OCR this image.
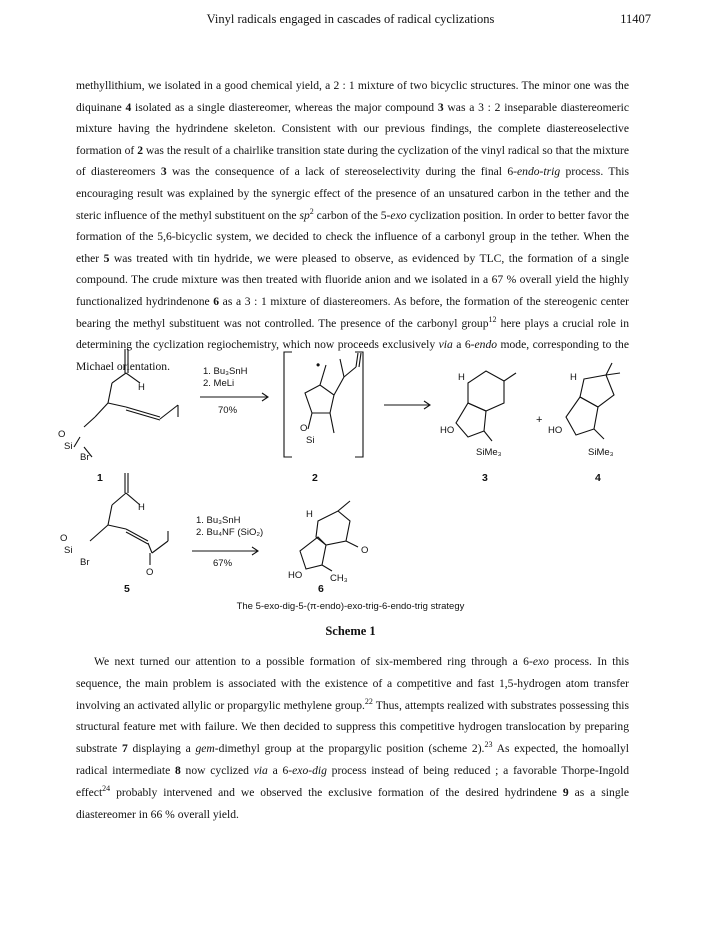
Vinyl radicals engaged in cascades of radical cyclizations	11407

methyllithium, we isolated in a good chemical yield, a 2 : 1 mixture of two bicyclic structures. The minor one was the diquinane 4 isolated as a single diastereomer, whereas the major compound 3 was a 3 : 2 inseparable diastereomeric mixture having the hydrindene skeleton. Consistent with our previous findings, the complete diastereoselective formation of 2 was the result of a chairlike transition state during the cyclization of the vinyl radical so that the mixture of diastereomers 3 was the consequence of a lack of stereoselectivity during the final 6-endo-trig process. This encouraging result was explained by the synergic effect of the presence of an unsatured carbon in the tether and the steric influence of the methyl substituent on the $sp^2$ carbon of the 5-exo cyclization position. In order to better favor the formation of the 5,6-bicyclic system, we decided to check the influence of a carbonyl group in the tether. When the ether 5 was treated with tin hydride, we were pleased to observe, as evidenced by TLC, the formation of a single compound. The crude mixture was then treated with fluoride anion and we isolated in a 67 % overall yield the highly functionalized hydrindenone 6 as a 3 : 1 mixture of diastereomers. As before, the formation of the stereogenic center bearing the methyl substituent was not controlled. The presence of the carbonyl group$^{12}$ here plays a crucial role in determining the cyclization regiochemistry, which now proceeds exclusively via a 6-endo mode, corresponding to the Michael orientation.

H
O
Si
Br
1. Bu₃SnH
2. MeLi
70%
•
O
Si
H
HO
SiMe₃
+
H
HO
SiMe₃
1	2	3	4
H
O
Si
Br
O
1. Bu₃SnH
2. Bu₄NF (SiO₂)
67%
H
O
HO	CH₃
5	6
The 5-exo-dig-5-(π-endo)-exo-trig-6-endo-trig strategy
Scheme 1

We next turned our attention to a possible formation of six-membered ring through a 6-exo process. In this sequence, the main problem is associated with the existence of a competitive and fast 1,5-hydrogen atom transfer involving an activated allylic or propargylic methylene group.$^{22}$ Thus, attempts realized with substrates possessing this structural feature met with failure. We then decided to suppress this competitive hydrogen translocation by preparing substrate 7 displaying a gem-dimethyl group at the propargylic position (scheme 2).$^{23}$ As expected, the homoallyl radical intermediate 8 now cyclized via a 6-exo-dig process instead of being reduced ; a favorable Thorpe-Ingold effect$^{24}$ probably intervened and we observed the exclusive formation of the desired hydrindene 9 as a single diastereomer in 66 % overall yield.
